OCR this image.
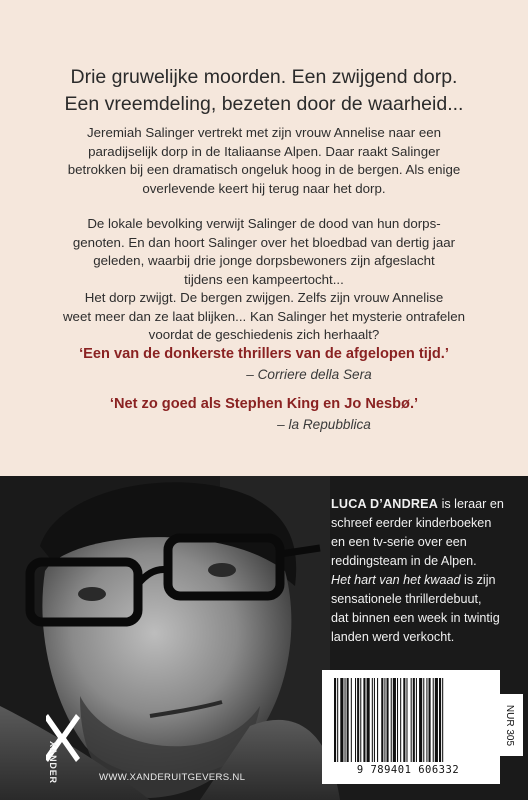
Drie gruwelijke moorden. Een zwijgend dorp.
Een vreemdeling, bezeten door de waarheid...
Jeremiah Salinger vertrekt met zijn vrouw Annelise naar een
paradijselijk dorp in de Italiaanse Alpen. Daar raakt Salinger
betrokken bij een dramatisch ongeluk hoog in de bergen. Als enige
overlevende keert hij terug naar het dorp.
De lokale bevolking verwijt Salinger de dood van hun dorps-
genoten. En dan hoort Salinger over het bloedbad van dertig jaar
geleden, waarbij drie jonge dorpsbewoners zijn afgeslacht
tijdens een kampeertocht...
Het dorp zwijgt. De bergen zwijgen. Zelfs zijn vrouw Annelise
weet meer dan ze laat blijken... Kan Salinger het mysterie ontrafelen
voordat de geschiedenis zich herhaalt?
‘Een van de donkerste thrillers van de afgelopen tijd.’
– Corriere della Sera
‘Net zo goed als Stephen King en Jo Nesbø.’
– la Repubblica
LUCA D’ANDREA is leraar en
schreef eerder kinderboeken
en een tv-serie over een
reddingsteam in de Alpen.
Het hart van het kwaad is zijn
sensationele thrillerdebuut,
dat binnen een week in twintig
landen werd verkocht.
XANDER	WWW.XANDERUITGEVERS.NL
9 789401 606332
NUR 305
